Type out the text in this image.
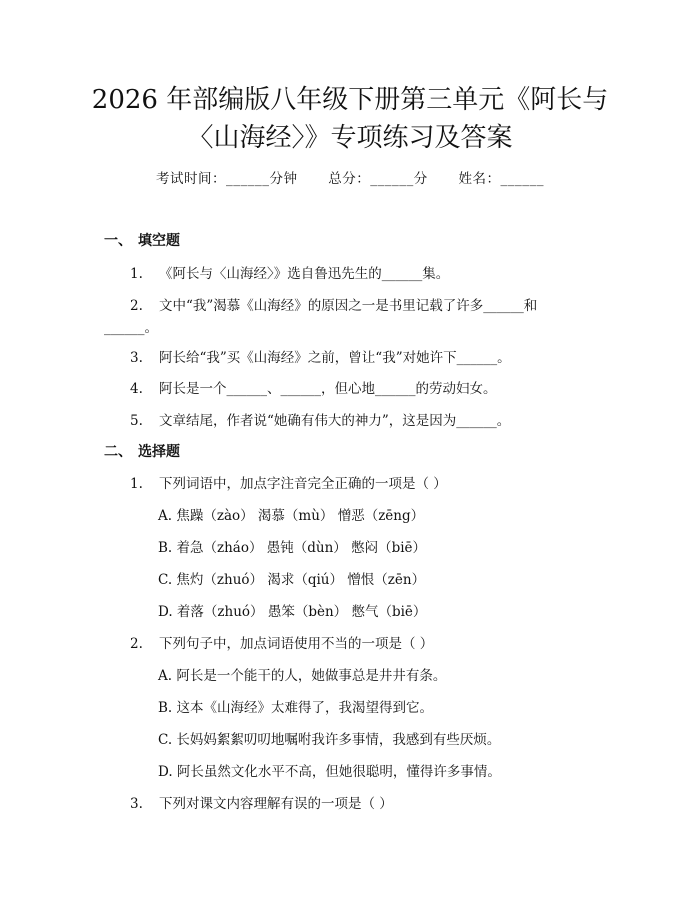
2026 年部编版八年级下册第三单元《阿长与
〈山海经〉》专项练习及答案
考试时间：______分钟 总分：______分 姓名：______
一、 填空题
1. 《阿长与〈山海经〉》选自鲁迅先生的______集。
2. 文中“我”渴慕《山海经》的原因之一是书里记载了许多______和
______。
3. 阿长给“我”买《山海经》之前，曾让“我”对她许下______。
4. 阿长是一个______、______，但心地______的劳动妇女。
5. 文章结尾，作者说“她确有伟大的神力”，这是因为______。
二、 选择题
1. 下列词语中，加点字注音完全正确的一项是（ ）
A. 焦躁（zào） 渴慕（mù） 憎恶（zēng）
B. 着急（zháo） 愚钝（dùn） 憋闷（biē）
C. 焦灼（zhuó） 渴求（qiú） 憎恨（zēn）
D. 着落（zhuó） 愚笨（bèn） 憋气（biē）
2. 下列句子中，加点词语使用不当的一项是（ ）
A. 阿长是一个能干的人，她做事总是井井有条。
B. 这本《山海经》太难得了，我渴望得到它。
C. 长妈妈絮絮叨叨地嘱咐我许多事情，我感到有些厌烦。
D. 阿长虽然文化水平不高，但她很聪明，懂得许多事情。
3. 下列对课文内容理解有误的一项是（ ）
